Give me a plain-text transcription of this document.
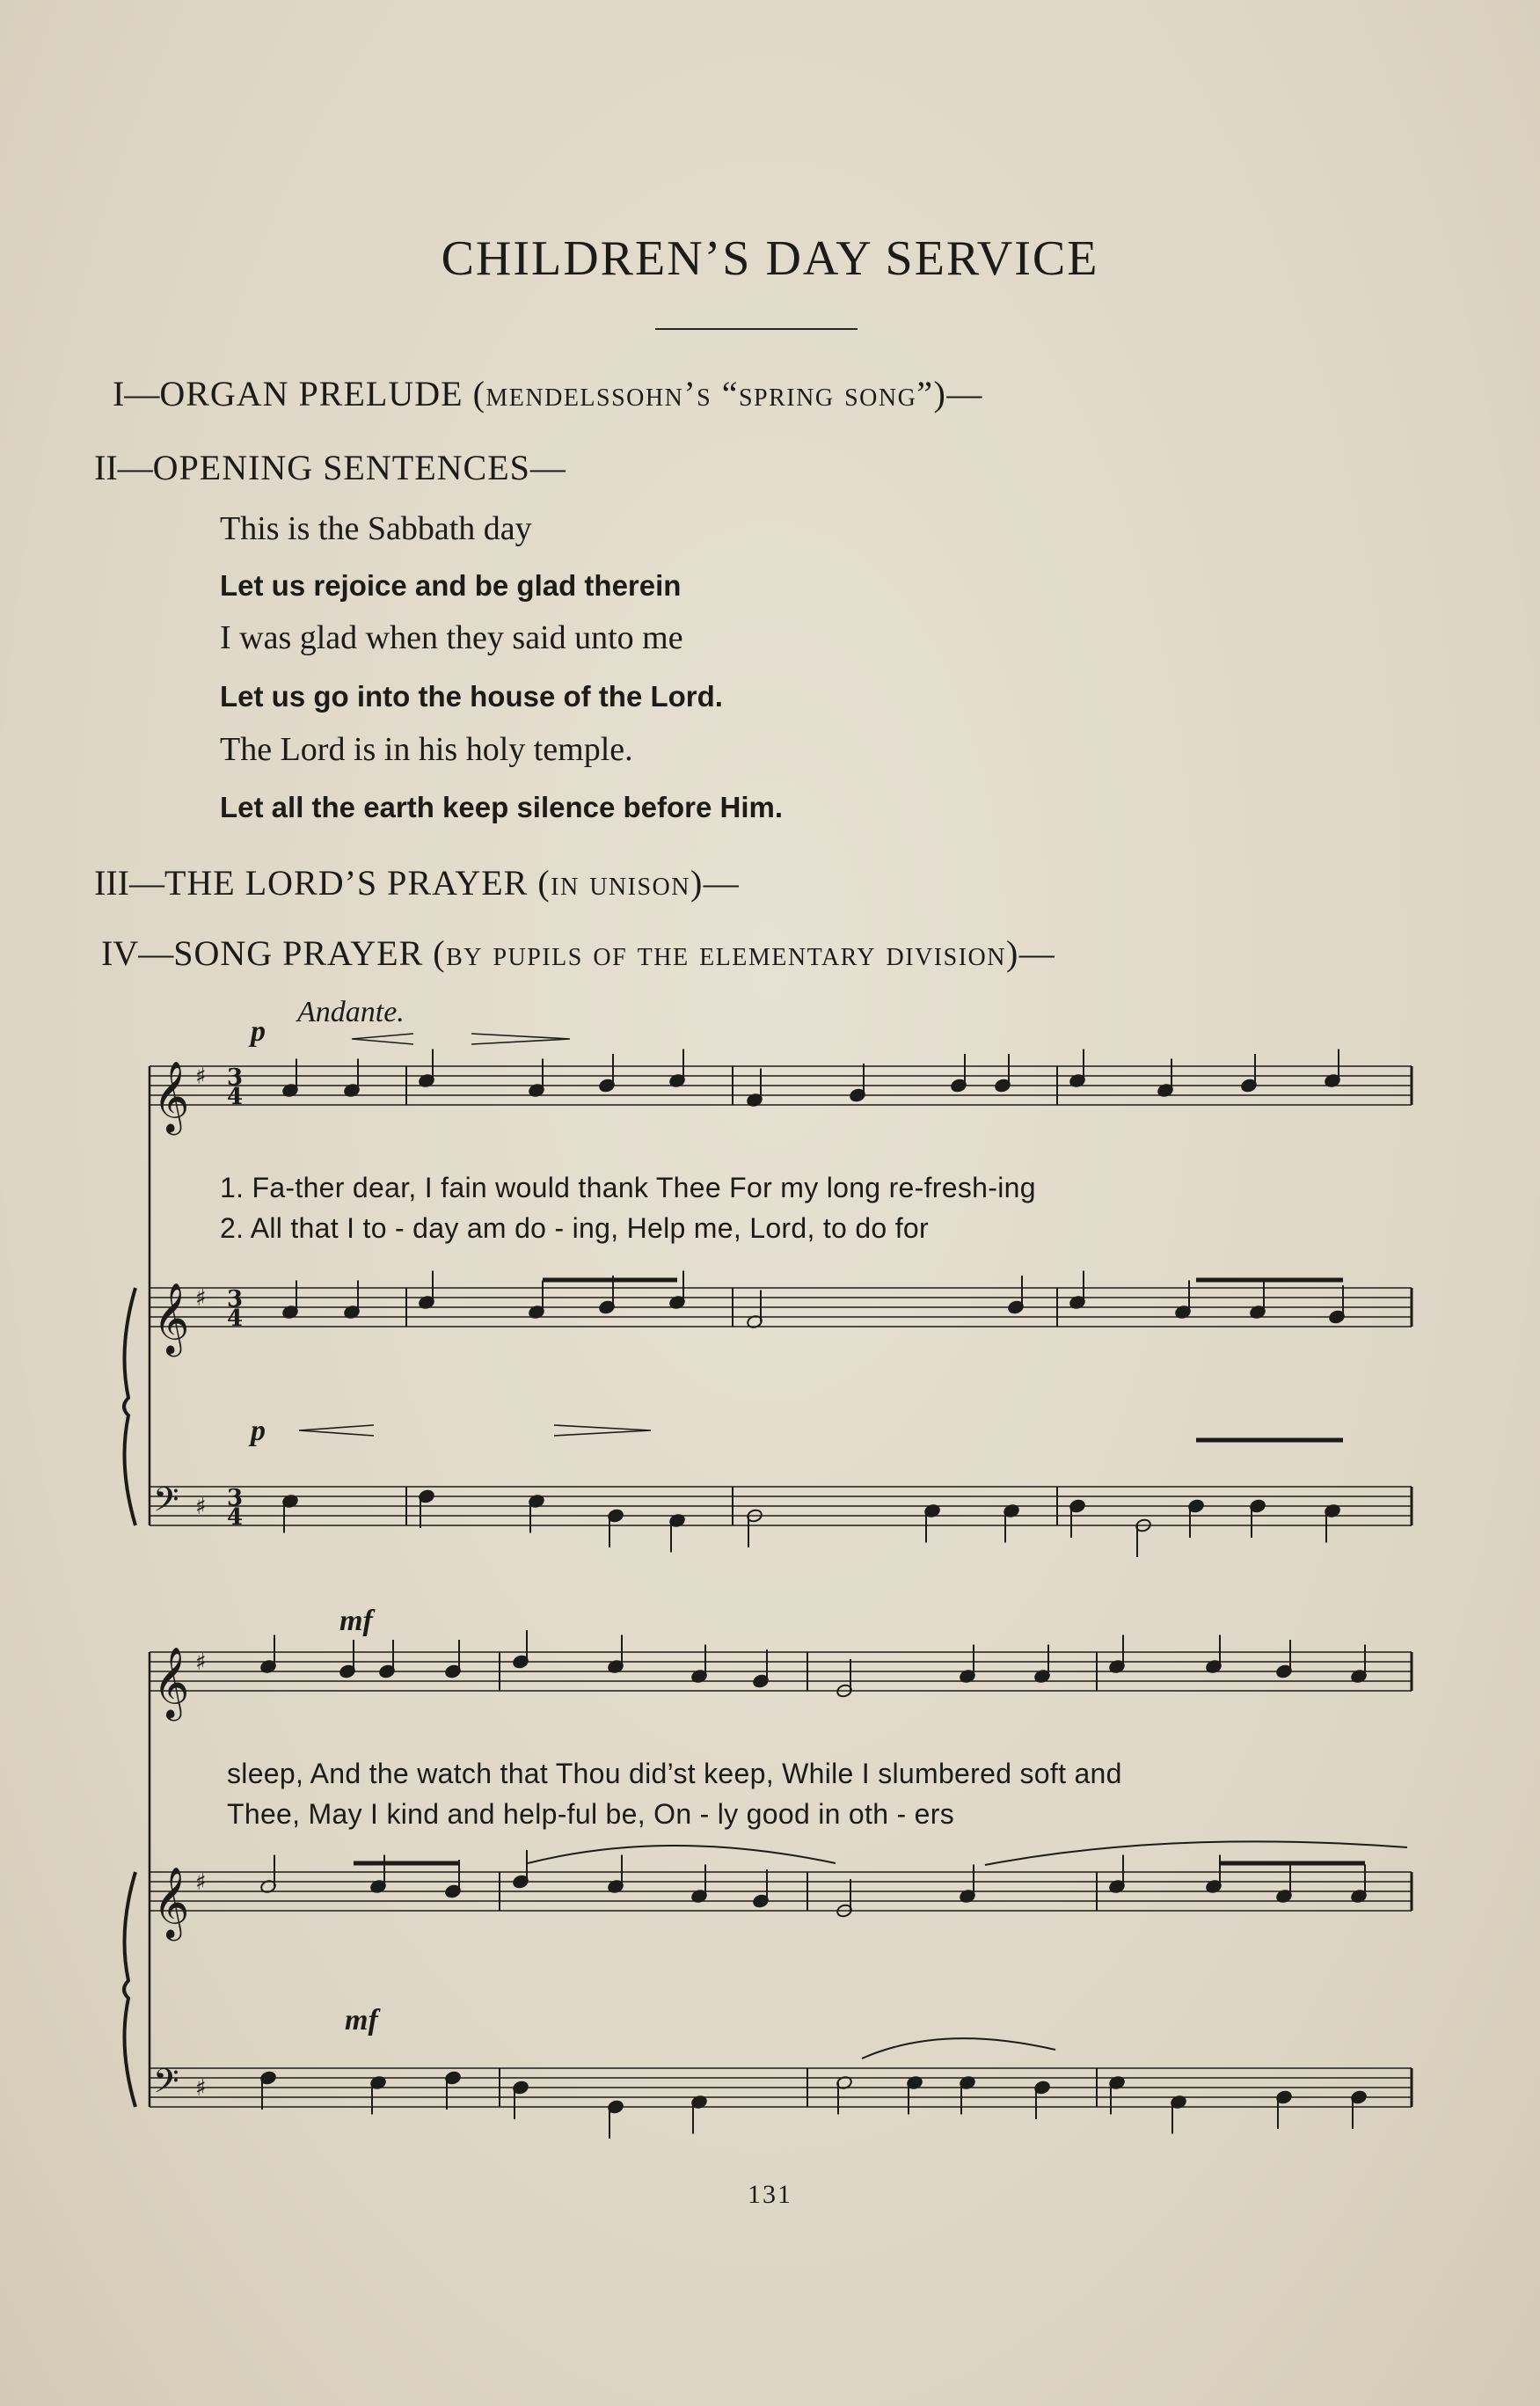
CHILDREN’S DAY SERVICE
I—ORGAN PRELUDE (mendelssohn’s “spring song”)—
II—OPENING SENTENCES—
This is the Sabbath day
Let us rejoice and be glad therein
I was glad when they said unto me
Let us go into the house of the Lord.
The Lord is in his holy temple.
Let all the earth keep silence before Him.
III—THE LORD’S PRAYER (in unison)—
IV—SONG PRAYER (by pupils of the elementary division)—
𝄞 ♯ 3
4
𝄞 ♯ 3
4
𝄢 ♯ 3
4
𝄞 ♯
𝄞 ♯
𝄢 ♯
Andante.
p
p
mf
mf
1. Fa-ther dear, I fain would thank Thee For my long re-fresh-ing
2. All that I to - day am do - ing, Help me, Lord, to do for
sleep, And the watch that Thou did’st keep, While I slumbered soft and
Thee, May I kind and help-ful be, On - ly good in oth - ers
131
